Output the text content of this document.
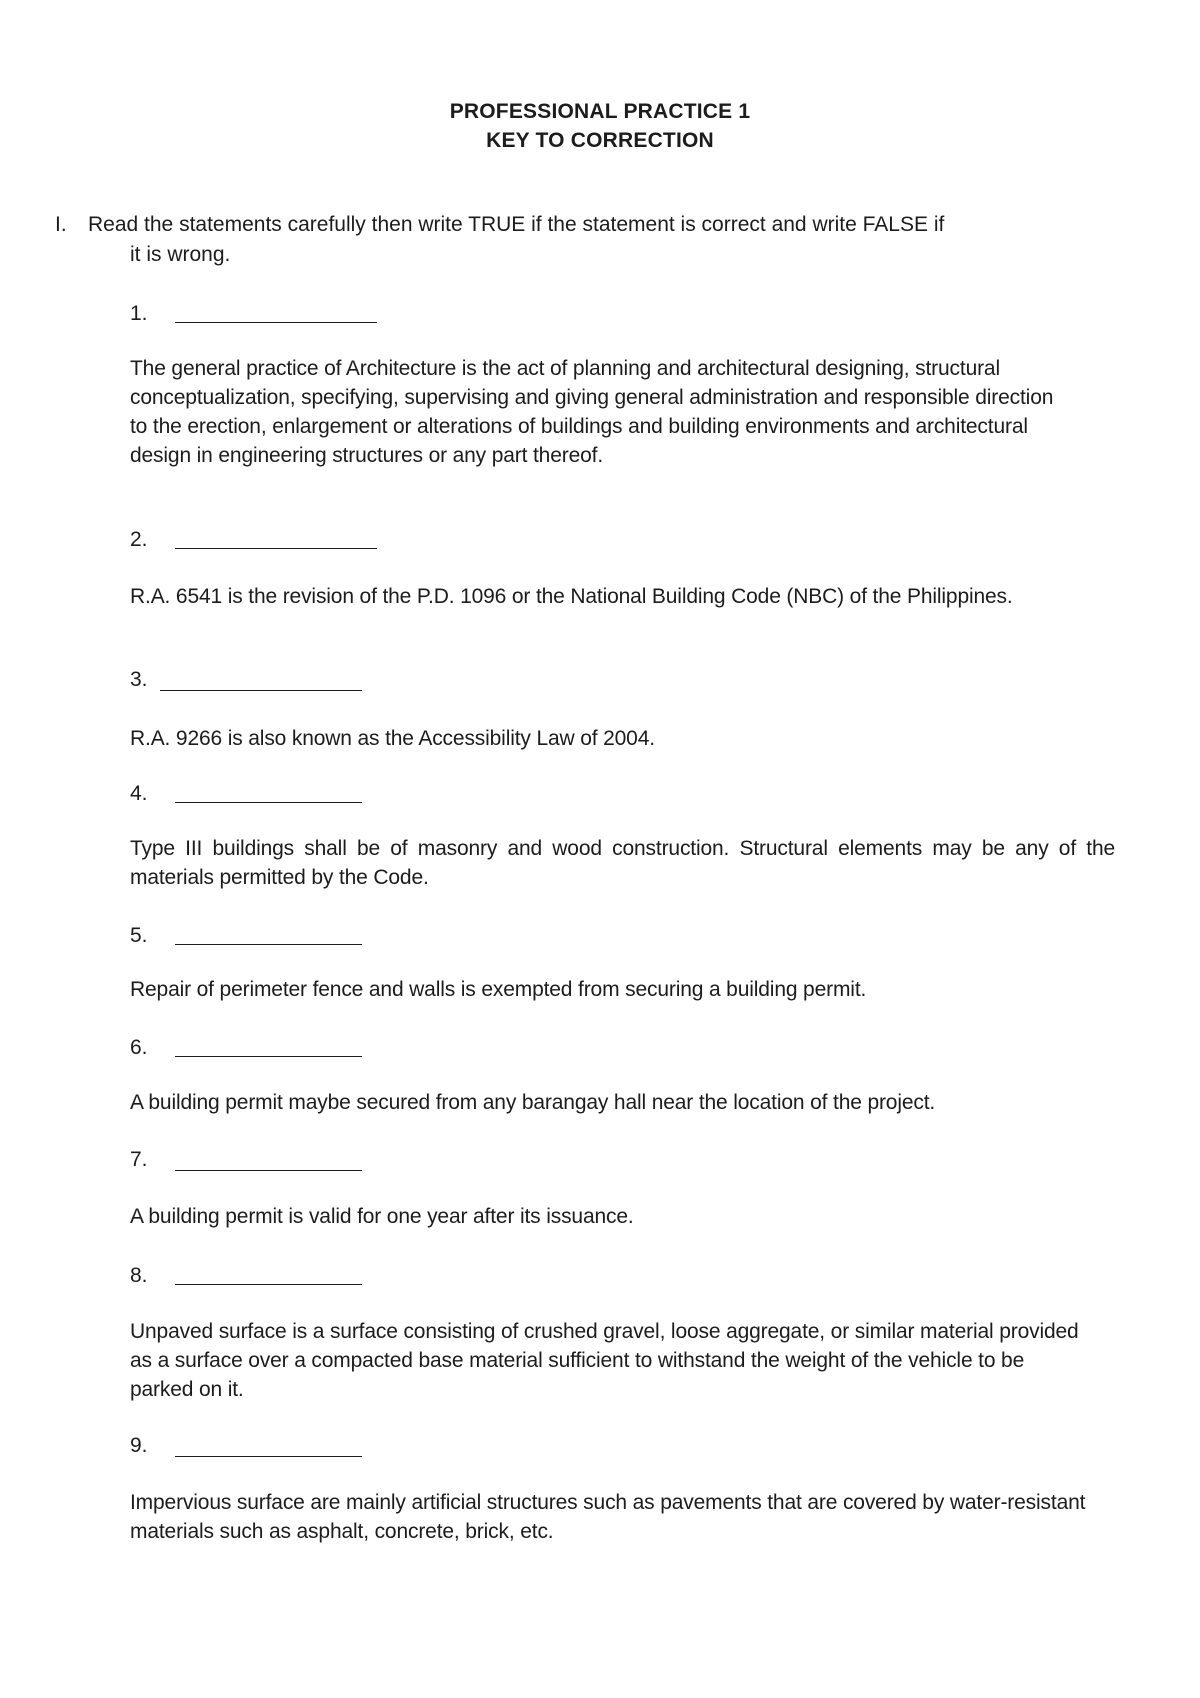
PROFESSIONAL PRACTICE 1
KEY TO CORRECTION
I. Read the statements carefully then write TRUE if the statement is correct and write FALSE if
it is wrong.
1.
The general practice of Architecture is the act of planning and architectural designing, structural conceptualization, specifying, supervising and giving general administration and responsible direction to the erection, enlargement or alterations of buildings and building environments and architectural design in engineering structures or any part thereof.
2.
R.A. 6541 is the revision of the P.D. 1096 or the National Building Code (NBC) of the Philippines.
3.
R.A. 9266 is also known as the Accessibility Law of 2004.
4.
Type III buildings shall be of masonry and wood construction. Structural elements may be any of the materials permitted by the Code.
5.
Repair of perimeter fence and walls is exempted from securing a building permit.
6.
A building permit maybe secured from any barangay hall near the location of the project.
7.
A building permit is valid for one year after its issuance.
8.
Unpaved surface is a surface consisting of crushed gravel, loose aggregate, or similar material provided as a surface over a compacted base material sufficient to withstand the weight of the vehicle to be parked on it.
9.
Impervious surface are mainly artificial structures such as pavements that are covered by water-resistant materials such as asphalt, concrete, brick, etc.
